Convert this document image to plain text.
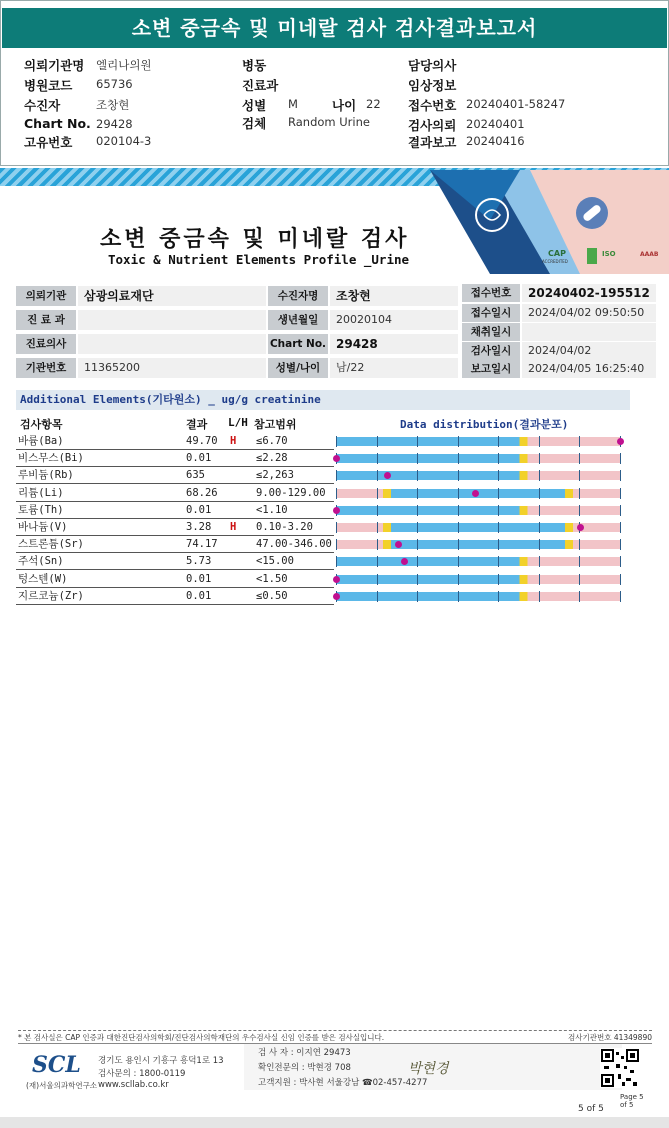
소변 중금속 및 미네랄 검사 검사결과보고서
의뢰기관명 엘리나의원
병원코드 65736
수진자	조창현
Chart No. 29428
고유번호 020104-3
병동
진료과
성별 M	나이 22
검체 Random Urine
담당의사
임상정보
접수번호 20240401-58247
검사의뢰 20240401
결과보고 20240416
CAP
ACCREDITED
ISO	AAAB
소변 중금속 및 미네랄 검사
Toxic & Nutrient Elements Profile _Urine
의뢰기관	삼광의료재단
진 료 과
진료의사
기관번호	11365200
수진자명	조창현
생년월일	20020104
Chart No. 29428
성별/나이	남/22
접수번호	20240402-195512
접수일시	2024/04/02 09:50:50
채취일시
검사일시	2024/04/02
보고일시	2024/04/05 16:25:40
Additional Elements(기타원소) _ ug/g creatinine
검사항목	결과 L/H 참고범위	Data distribution(결과분포)
바륨(Ba)	49.70 H ≤6.70
비스무스(Bi)	0.01	≤2.28
루비듐(Rb)	635	≤2,263
리튬(Li)	68.26	9.00-129.00
토륨(Th)	0.01	<1.10
바나듐(V)	3.28 H 0.10-3.20
스트론튬(Sr)	74.17	47.00-346.00
주석(Sn)	5.73	<15.00
텅스텐(W)	0.01	<1.50
지르코늄(Zr)	0.01	≤0.50
* 본 검사실은 CAP 인증과 대한진단검사의학회/진단검사의학재단의 우수검사실 신임 인증를 받은 검사실입니다.	검사기관번호 41349890
SCL
(재)서울의과학연구소
경기도 용인시 기흥구 흥덕1로 13
검사문의 : 1800-0119
www.scllab.co.kr
검 사 자 : 이지연 29473
확인전문의 : 박현경 708
고객지원 : 박사현 서울강남 ☎02-457-4277
박현경
Page 5 of 5
5 of 5
